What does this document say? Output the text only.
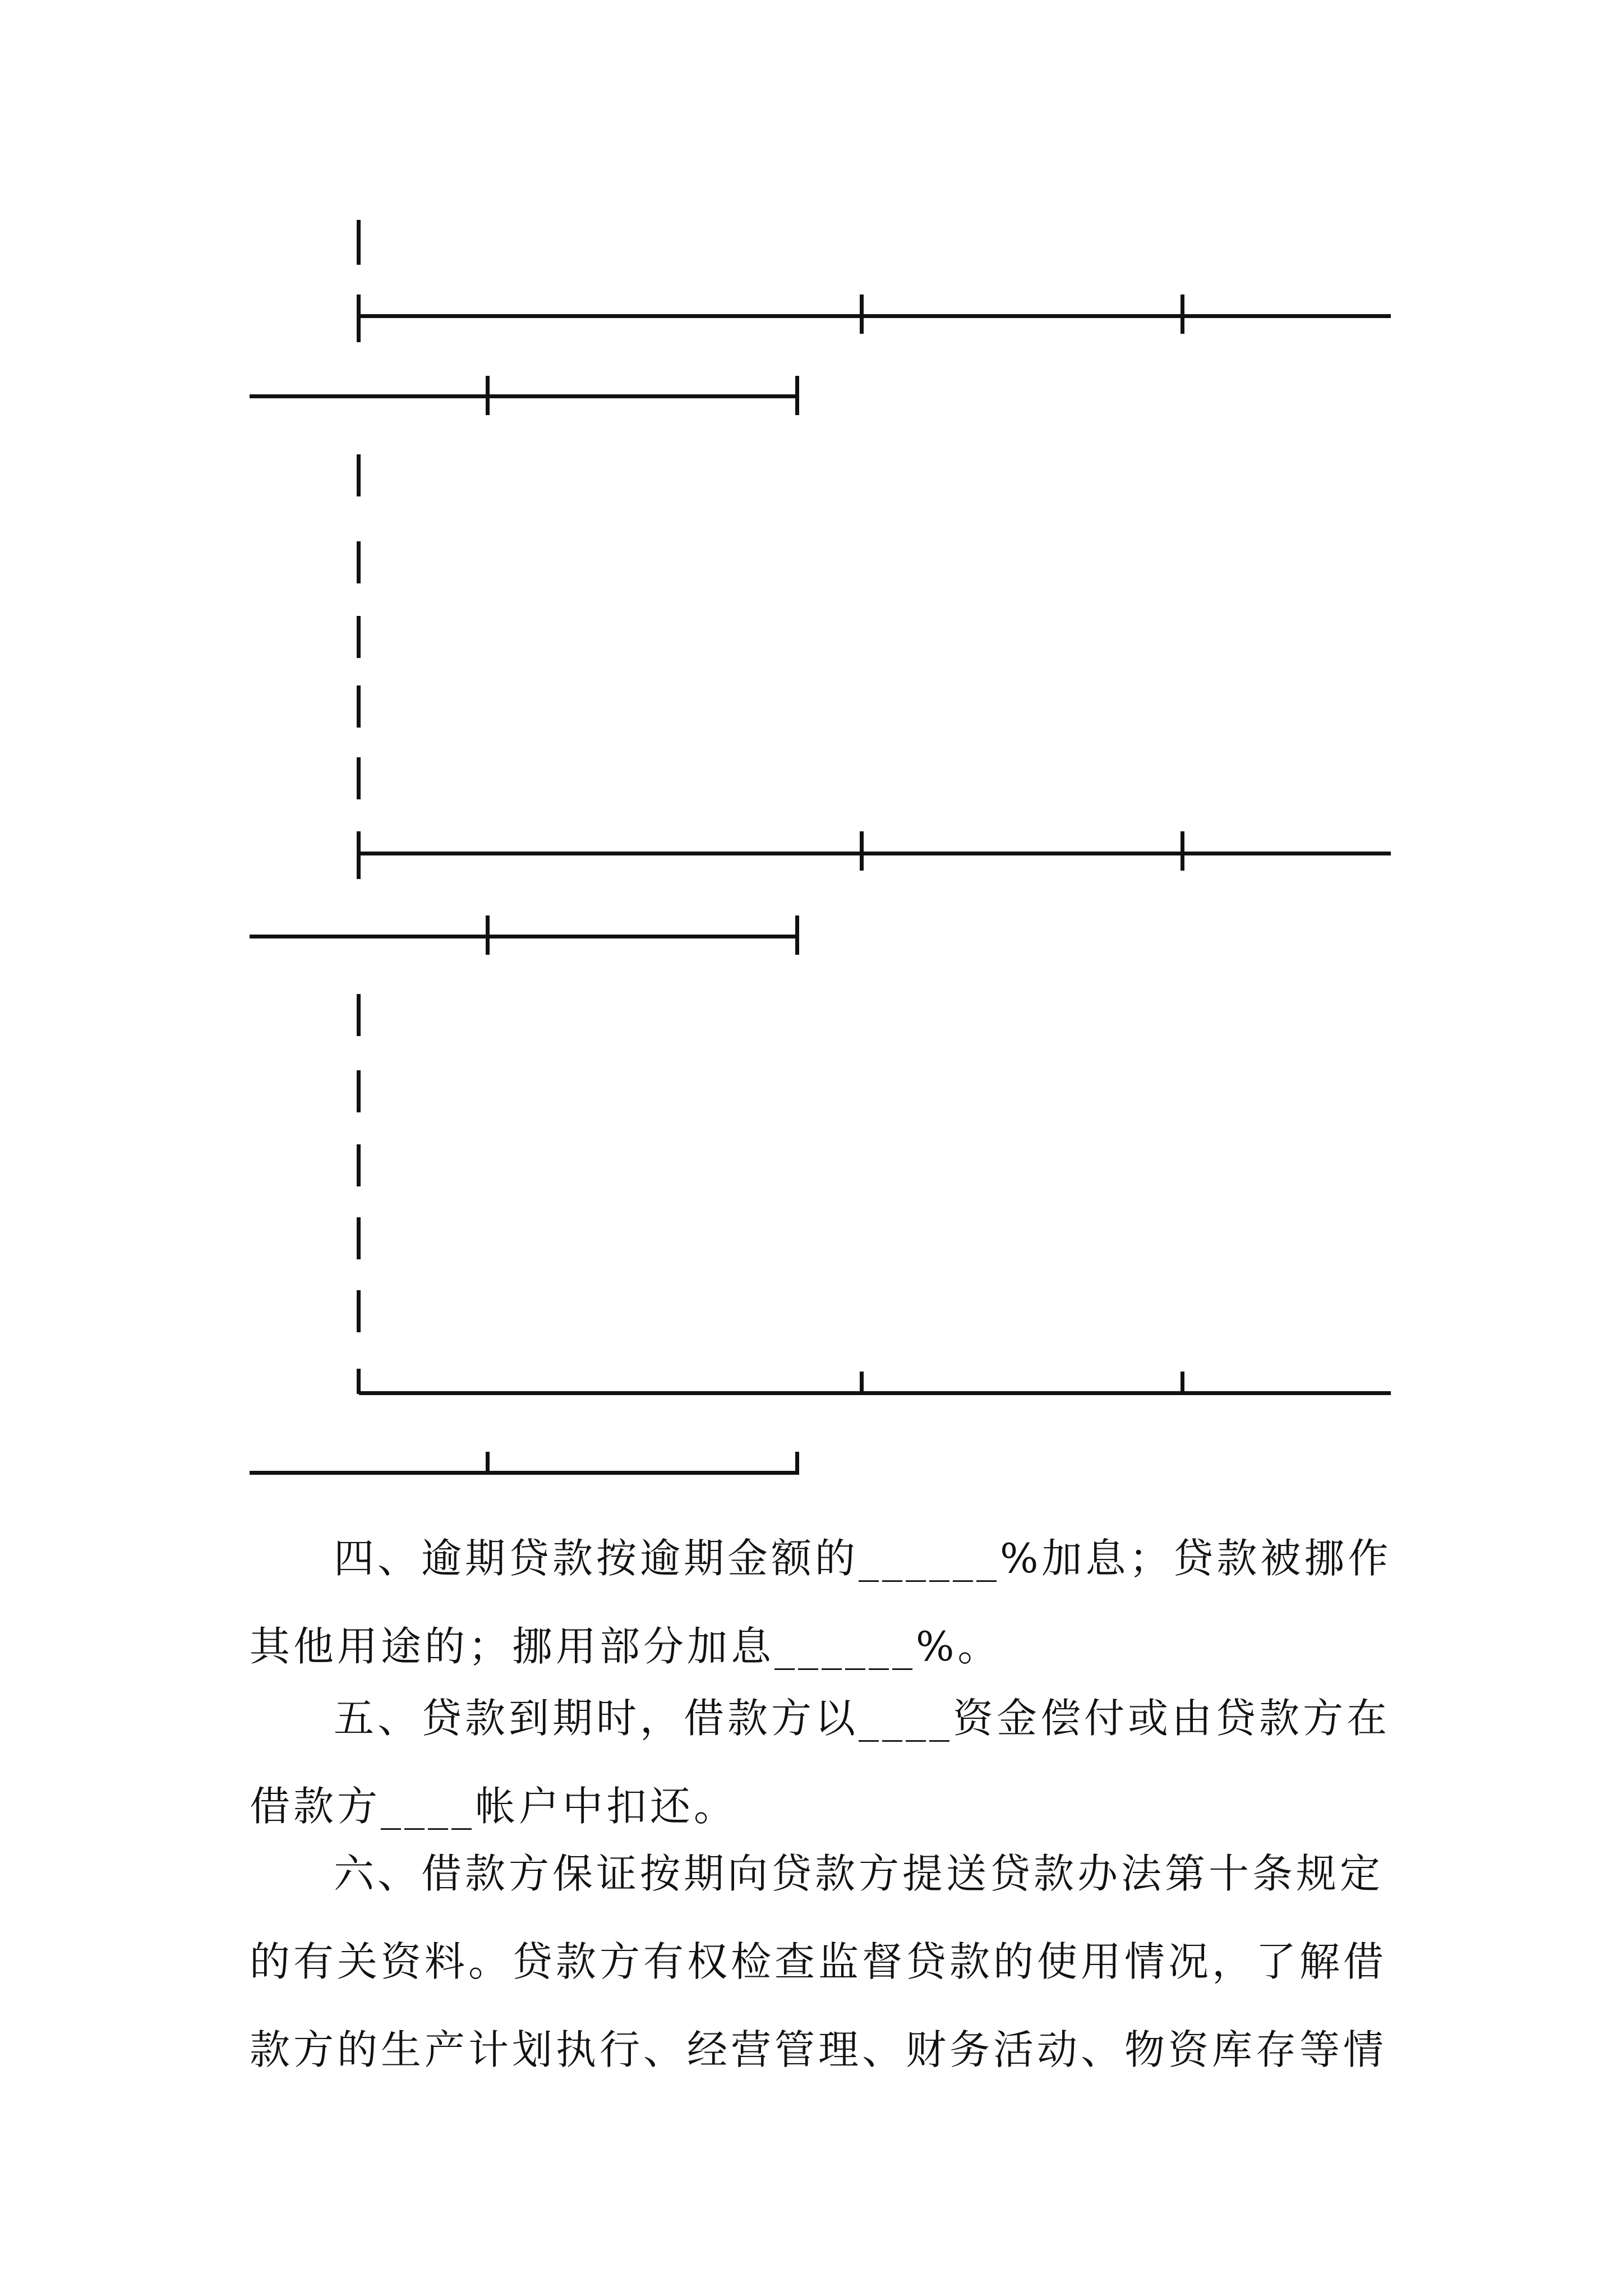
四、逾期贷款按逾期金额的______%加息；贷款被挪作
其他用途的；挪用部分加息______%。

五、贷款到期时，借款方以____资金偿付或由贷款方在
借款方____帐户中扣还。

六、借款方保证按期向贷款方提送贷款办法第十条规定
的有关资料。贷款方有权检查监督贷款的使用情况，了解借
款方的生产计划执行、经营管理、财务活动、物资库存等情
